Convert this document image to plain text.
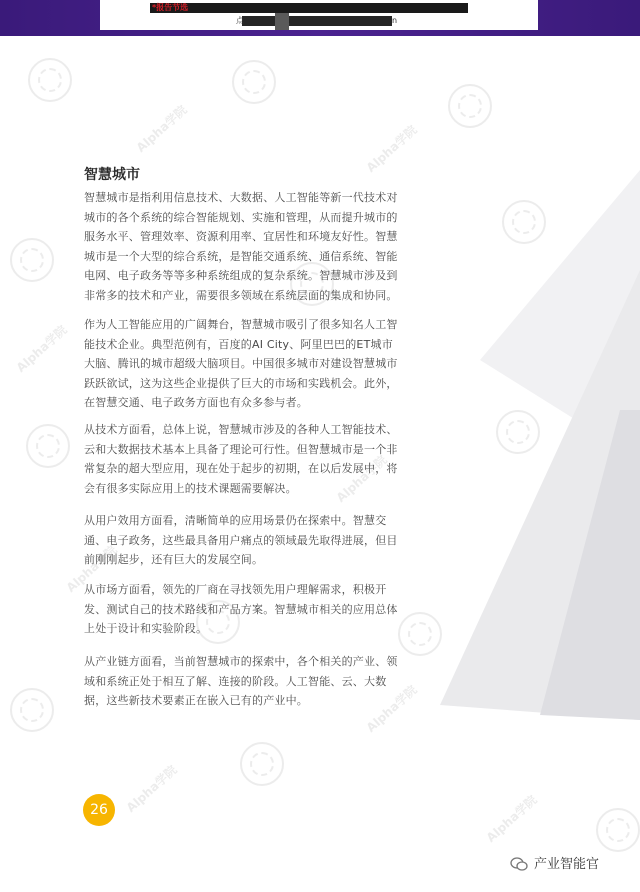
*报告节选
点	n
Alpha学院	Alpha学院
Alpha学院
Alpha学院
Alpha学院
Alpha学院
Alpha学院
Alpha学院
智慧城市

智慧城市是指利用信息技术、大数据、人工智能等新一代技术对城市的各个系统的综合智能规划、实施和管理，从而提升城市的服务水平、管理效率、资源利用率、宜居性和环境友好性。智慧城市是一个大型的综合系统，是智能交通系统、通信系统、智能电网、电子政务等等多种系统组成的复杂系统。智慧城市涉及到非常多的技术和产业，需要很多领域在系统层面的集成和协同。

作为人工智能应用的广阔舞台，智慧城市吸引了很多知名人工智能技术企业。典型范例有，百度的AI City、阿里巴巴的ET城市大脑、腾讯的城市超级大脑项目。中国很多城市对建设智慧城市跃跃欲试，这为这些企业提供了巨大的市场和实践机会。此外，在智慧交通、电子政务方面也有众多参与者。

从技术方面看，总体上说，智慧城市涉及的各种人工智能技术、云和大数据技术基本上具备了理论可行性。但智慧城市是一个非常复杂的超大型应用，现在处于起步的初期，在以后发展中，将会有很多实际应用上的技术课题需要解决。

从用户效用方面看，清晰简单的应用场景仍在探索中。智慧交通、电子政务，这些最具备用户痛点的领域最先取得进展，但目前刚刚起步，还有巨大的发展空间。

从市场方面看，领先的厂商在寻找领先用户理解需求，积极开发、测试自己的技术路线和产品方案。智慧城市相关的应用总体上处于设计和实验阶段。

从产业链方面看，当前智慧城市的探索中，各个相关的产业、领域和系统正处于相互了解、连接的阶段。人工智能、云、大数据，这些新技术要素正在嵌入已有的产业中。

26
产业智能官
